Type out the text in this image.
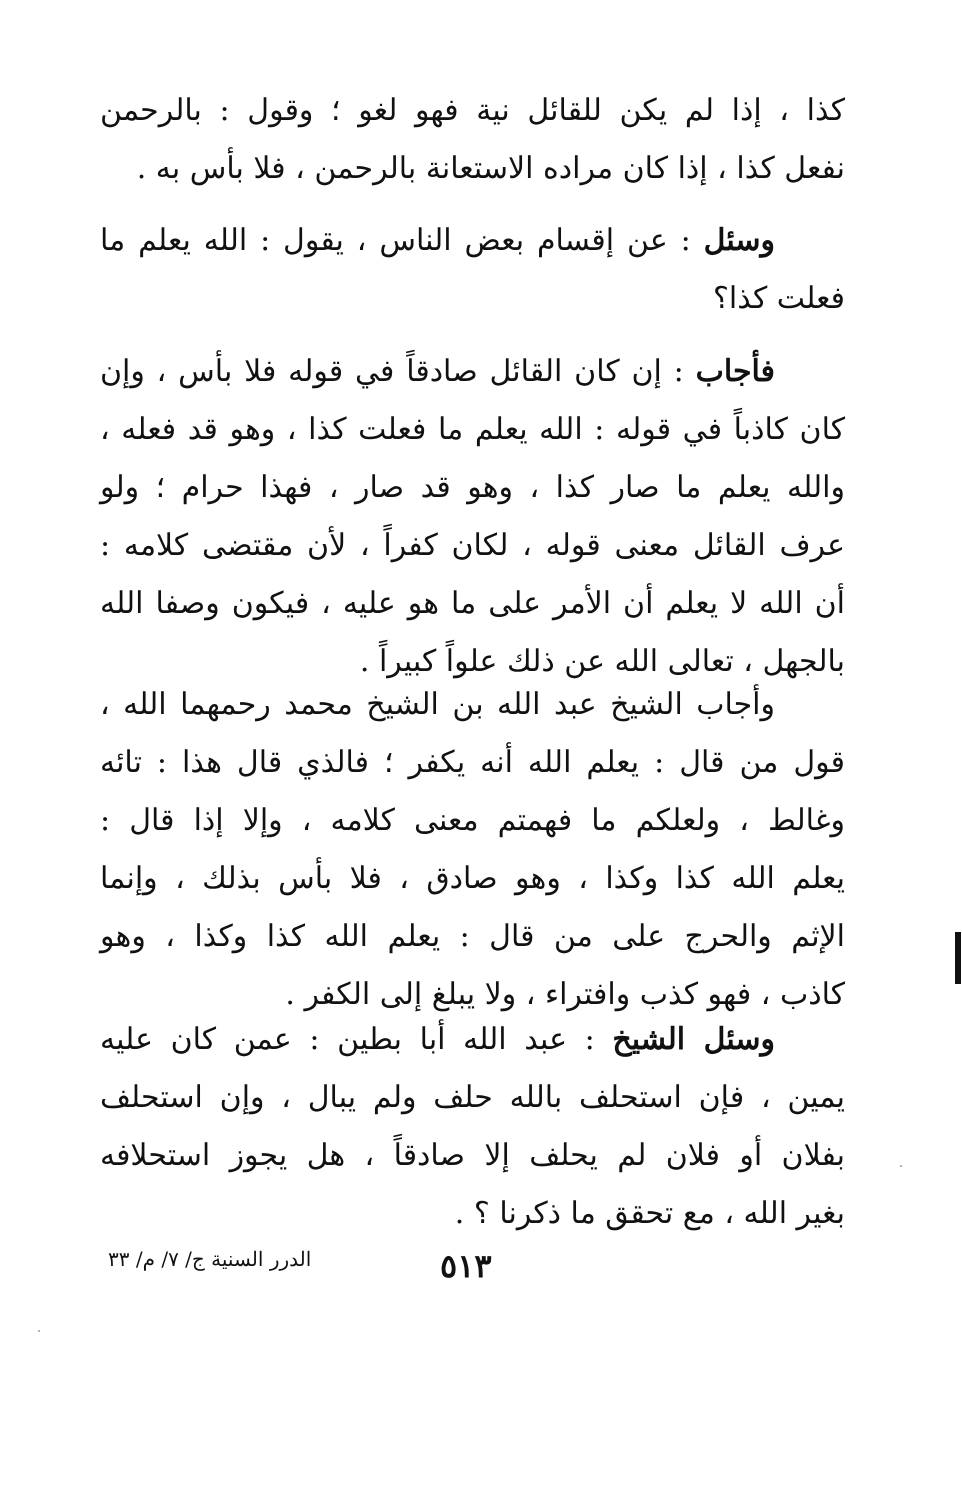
كذا ، إذا لم يكن للقائل نية فهو لغو ؛ وقول : بالرحمن
نفعل كذا ، إذا كان مراده الاستعانة بالرحمن ، فلا بأس به .
وسئل : عن إقسام بعض الناس ، يقول : الله يعلم ما
فعلت كذا؟
فأجاب : إن كان القائل صادقاً في قوله فلا بأس ، وإن
كان كاذباً في قوله : الله يعلم ما فعلت كذا ، وهو قد فعله ،
والله يعلم ما صار كذا ، وهو قد صار ، فهذا حرام ؛ ولو
عرف القائل معنى قوله ، لكان كفراً ، لأن مقتضى كلامه :
أن الله لا يعلم أن الأمر على ما هو عليه ، فيكون وصفا الله
بالجهل ، تعالى الله عن ذلك علواً كبيراً .
وأجاب الشيخ عبد الله بن الشيخ محمد رحمهما الله ،
قول من قال : يعلم الله أنه يكفر ؛ فالذي قال هذا : تائه
وغالط ، ولعلكم ما فهمتم معنى كلامه ، وإلا إذا قال :
يعلم الله كذا وكذا ، وهو صادق ، فلا بأس بذلك ، وإنما
الإثم والحرج على من قال : يعلم الله كذا وكذا ، وهو
كاذب ، فهو كذب وافتراء ، ولا يبلغ إلى الكفر .
وسئل الشيخ : عبد الله أبا بطين : عمن كان عليه
يمين ، فإن استحلف بالله حلف ولم يبال ، وإن استحلف
بفلان أو فلان لم يحلف إلا صادقاً ، هل يجوز استحلافه
بغير الله ، مع تحقق ما ذكرنا ؟ .
٥١٣
الدرر السنية ج/ ٧/ م/ ٣٣
